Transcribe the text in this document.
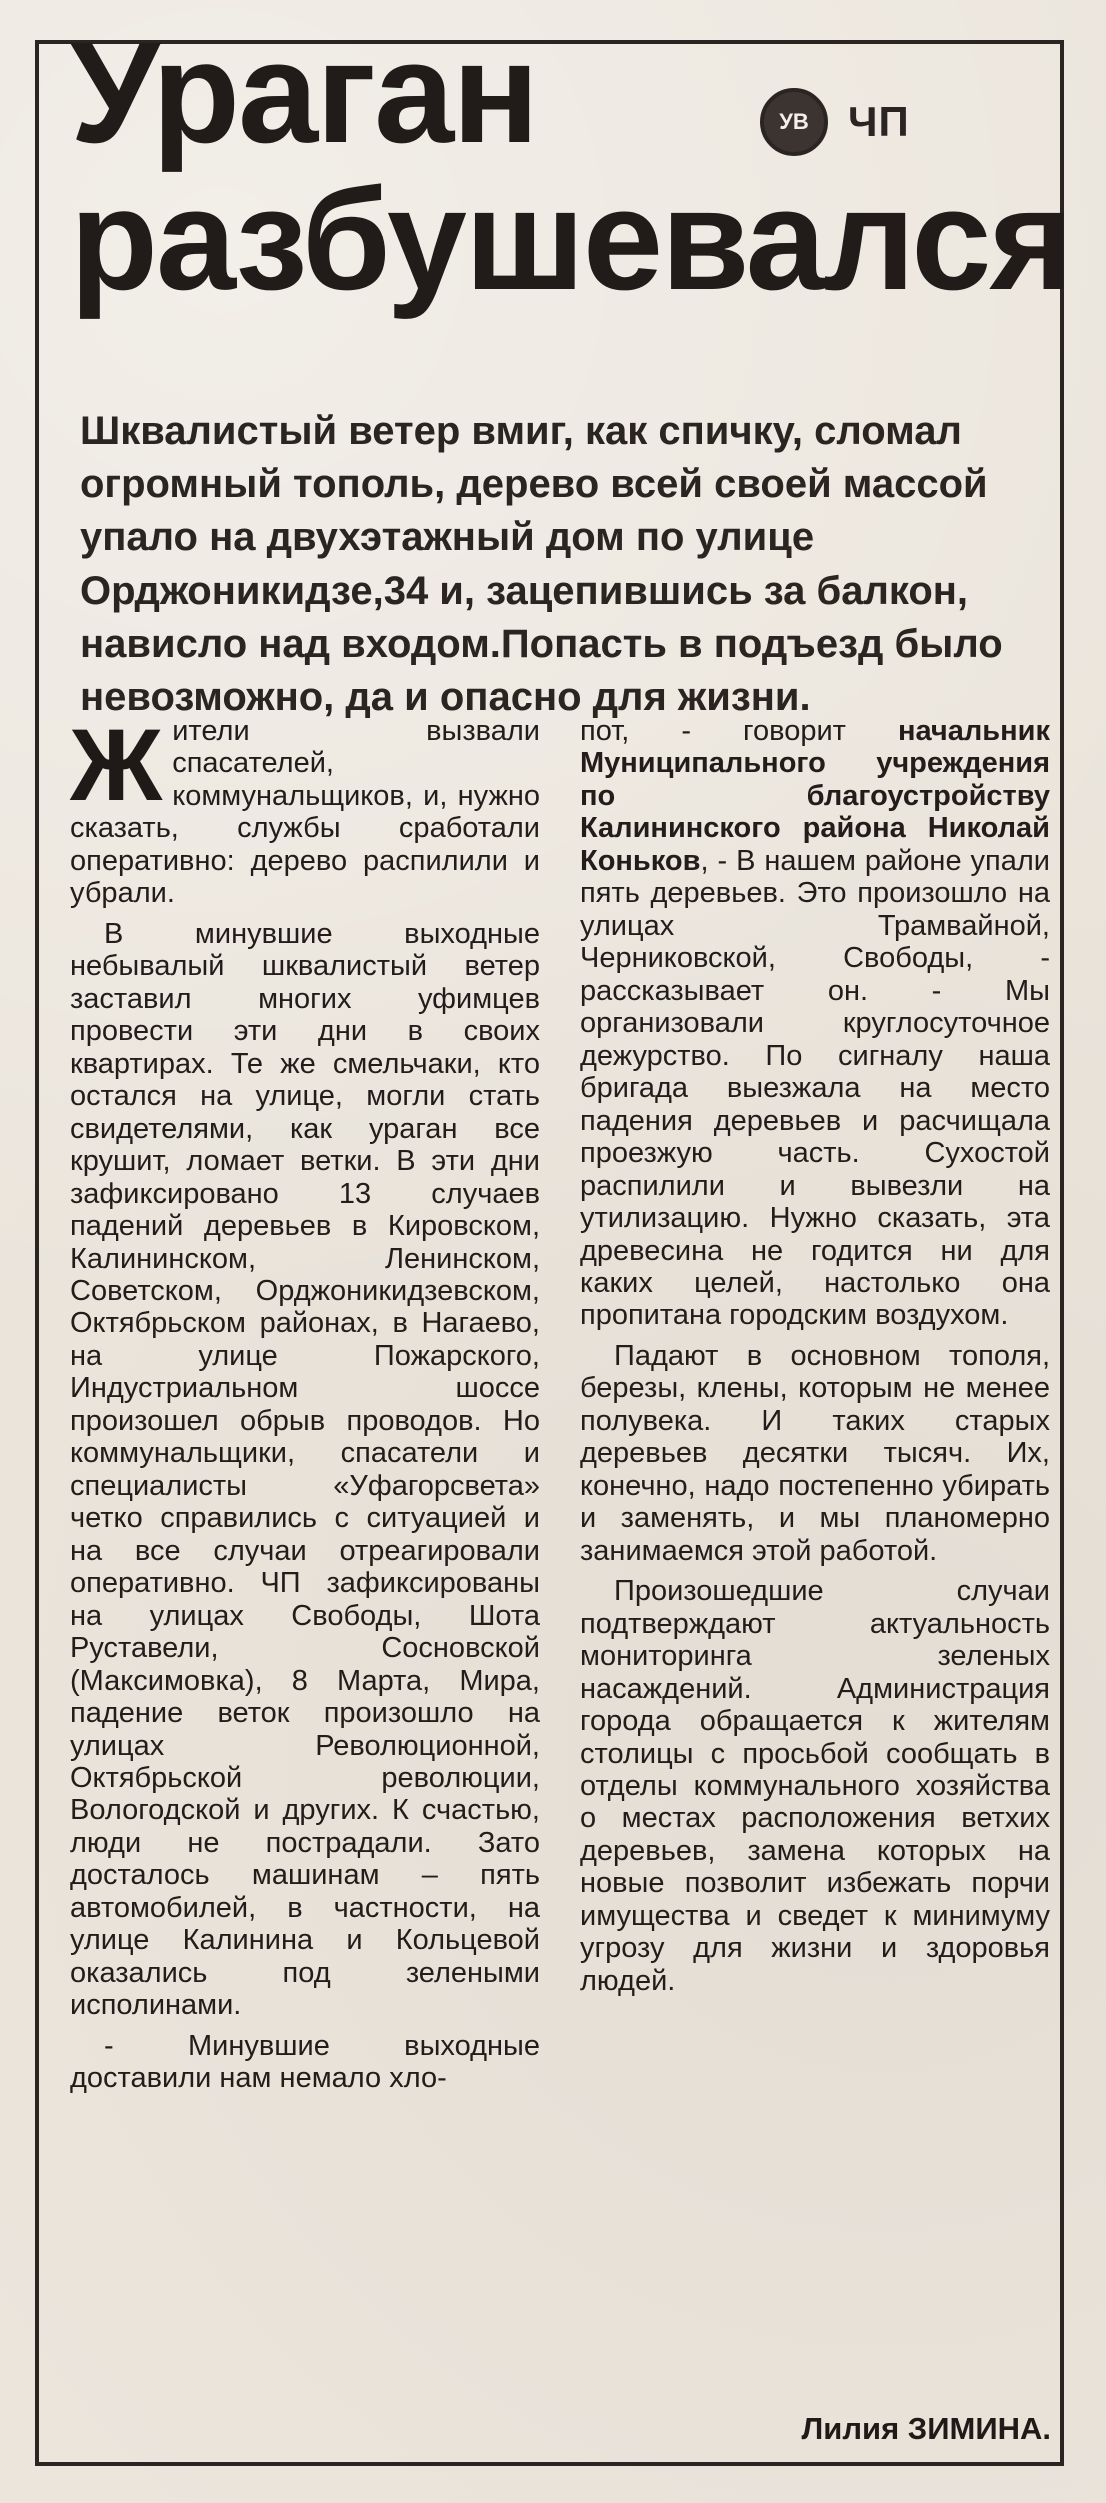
Ураган
разбушевался
УВ ЧП

Шквалистый ветер вмиг, как спичку, сломал огромный тополь, дерево всей своей массой упало на двухэтажный дом по улице Орджоникидзе,34 и, зацепившись за балкон, нависло над входом.Попасть в подъезд было невозможно, да и опасно для жизни.

Ж ители вызвали спасателей, коммунальщиков, и, нужно сказать, службы сработали оперативно: дерево распилили и убрали.

В минувшие выходные небывалый шквалистый ветер заставил многих уфимцев провести эти дни в своих квартирах. Те же смельчаки, кто остался на улице, могли стать свидетелями, как ураган все крушит, ломает ветки. В эти дни зафиксировано 13 случаев падений деревьев в Кировском, Калининском, Ленинском, Советском, Орджоникидзевском, Октябрьском районах, в Нагаево, на улице Пожарского, Индустриальном шоссе произошел обрыв проводов. Но коммунальщики, спасатели и специалисты «Уфагорсвета» четко справились с ситуацией и на все случаи отреагировали оперативно. ЧП зафиксированы на улицах Свободы, Шота Руставели, Сосновской (Максимовка), 8 Марта, Мира, падение веток произошло на улицах Революционной, Октябрьской революции, Вологодской и других. К счастью, люди не пострадали. Зато досталось машинам – пять автомобилей, в частности, на улице Калинина и Кольцевой оказались под зелеными исполинами.

- Минувшие выходные доставили нам немало хло-

пот, - говорит начальник Муниципального учреждения по благоустройству Калининского района Николай Коньков, - В нашем районе упали пять деревьев. Это произошло на улицах Трамвайной, Черниковской, Свободы, - рассказывает он. - Мы организовали круглосуточное дежурство. По сигналу наша бригада выезжала на место падения деревьев и расчищала проезжую часть. Сухостой распилили и вывезли на утилизацию. Нужно сказать, эта древесина не годится ни для каких целей, настолько она пропитана городским воздухом.

Падают в основном тополя, березы, клены, которым не менее полувека. И таких старых деревьев десятки тысяч. Их, конечно, надо постепенно убирать и заменять, и мы планомерно занимаемся этой работой.

Произошедшие случаи подтверждают актуальность мониторинга зеленых насаждений. Администрация города обращается к жителям столицы с просьбой сообщать в отделы коммунального хозяйства о местах расположения ветхих деревьев, замена которых на новые позволит избежать порчи имущества и сведет к минимуму угрозу для жизни и здоровья людей.

Лилия ЗИМИНА.
